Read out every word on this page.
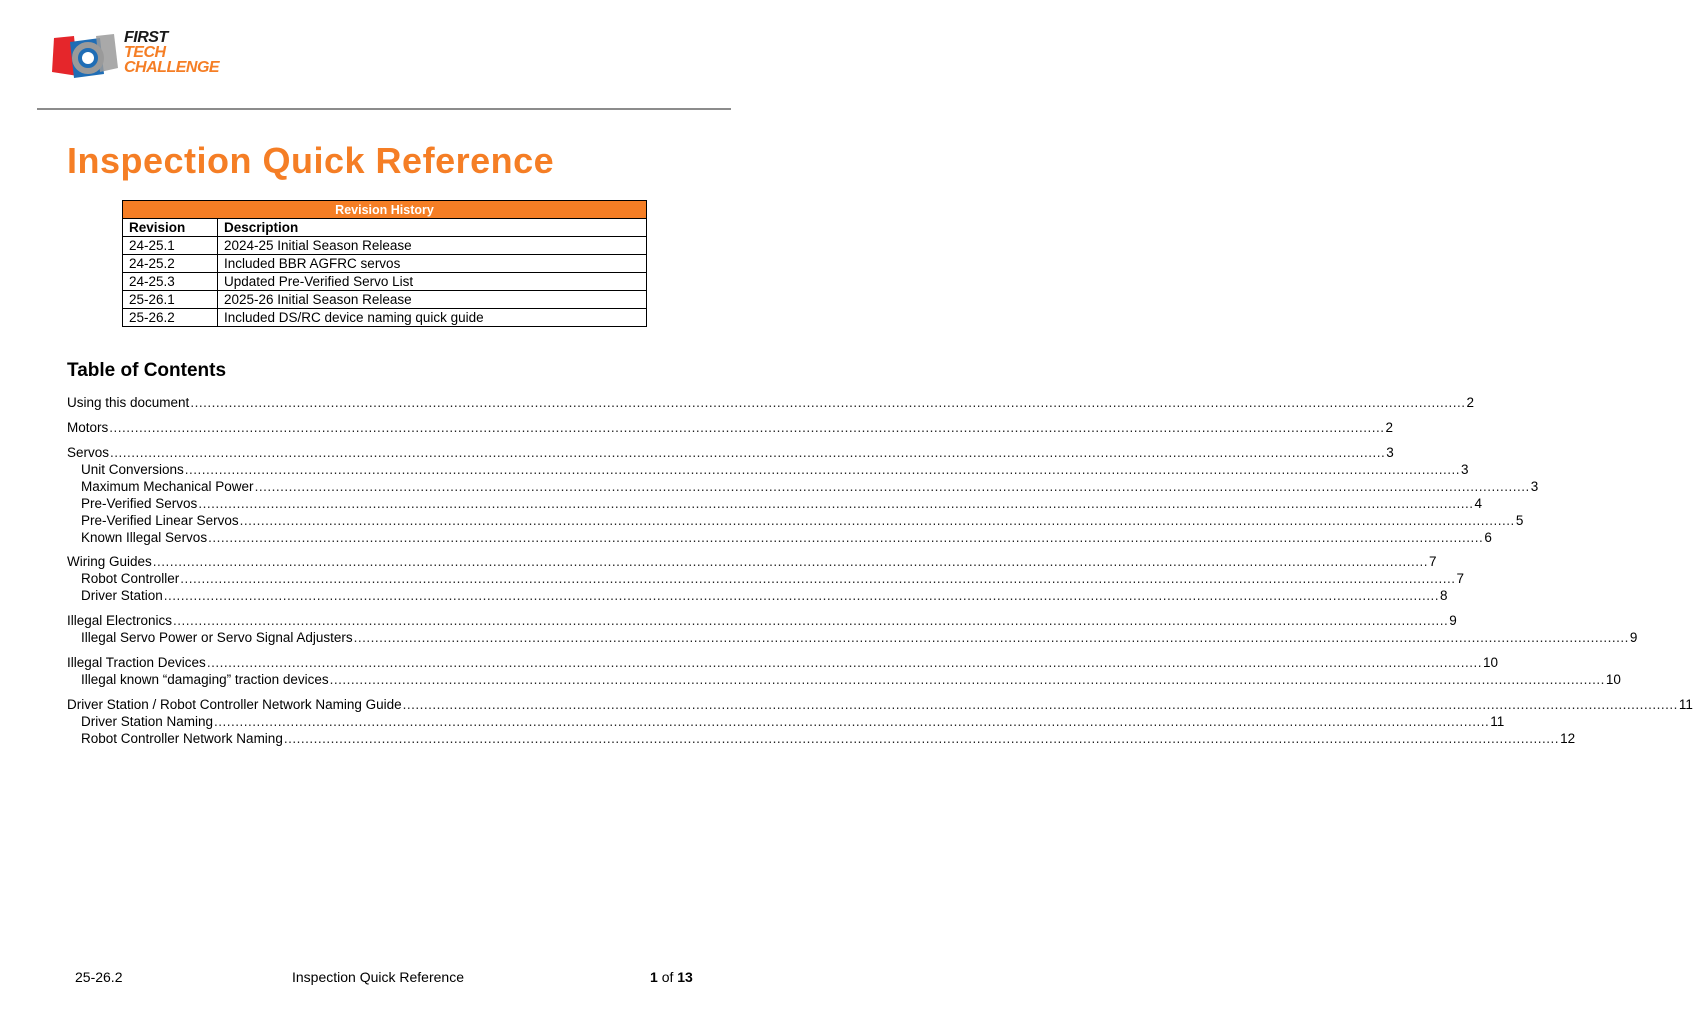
FIRST
TECH
CHALLENGE
Inspection Quick Reference
Revision History	
Revision	Description
24-25.1	2024-25 Initial Season Release
24-25.2	Included BBR AGFRC servos
24-25.3	Updated Pre-Verified Servo List
25-26.1	2025-26 Initial Season Release
25-26.2	Included DS/RC device naming quick guide
Table of Contents
Using this document ............................................................................................................................................................................................................................................................................................................ 2
Motors ............................................................................................................................................................................................................................................................................................................ 2
Servos ............................................................................................................................................................................................................................................................................................................ 3
Unit Conversions ............................................................................................................................................................................................................................................................................................................ 3
Maximum Mechanical Power ............................................................................................................................................................................................................................................................................................................ 3
Pre-Verified Servos ............................................................................................................................................................................................................................................................................................................ 4
Pre-Verified Linear Servos ............................................................................................................................................................................................................................................................................................................ 5
Known Illegal Servos ............................................................................................................................................................................................................................................................................................................ 6
Wiring Guides ............................................................................................................................................................................................................................................................................................................ 7
Robot Controller ............................................................................................................................................................................................................................................................................................................ 7
Driver Station ............................................................................................................................................................................................................................................................................................................ 8
Illegal Electronics ............................................................................................................................................................................................................................................................................................................ 9
Illegal Servo Power or Servo Signal Adjusters ............................................................................................................................................................................................................................................................................................................ 9
Illegal Traction Devices ............................................................................................................................................................................................................................................................................................................ 10
Illegal known “damaging” traction devices ............................................................................................................................................................................................................................................................................................................ 10
Driver Station / Robot Controller Network Naming Guide ............................................................................................................................................................................................................................................................................................................ 11
Driver Station Naming ............................................................................................................................................................................................................................................................................................................ 11
Robot Controller Network Naming ............................................................................................................................................................................................................................................................................................................ 12
25-26.2	Inspection Quick Reference	1 of 13
